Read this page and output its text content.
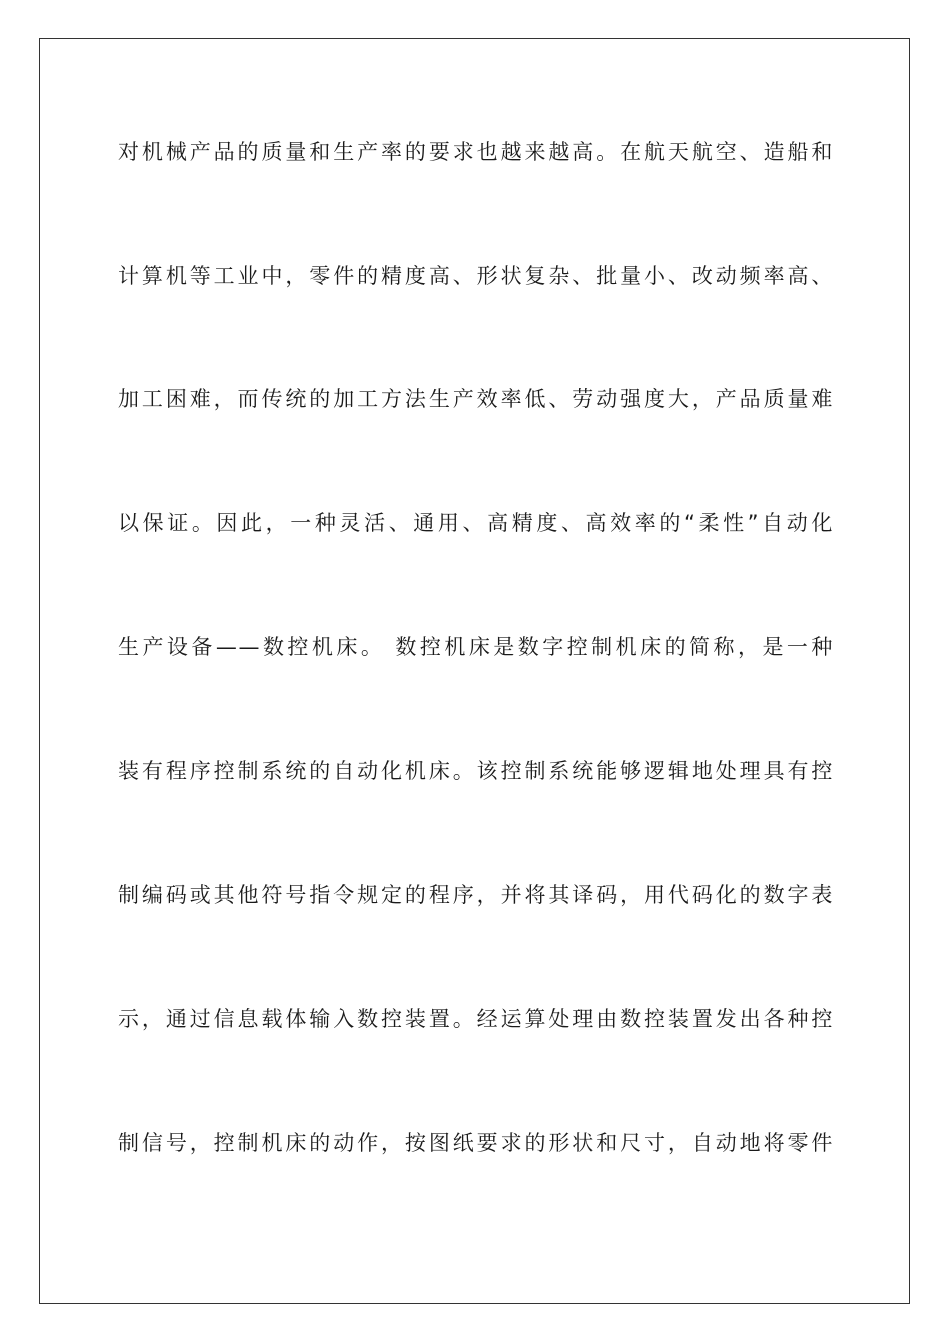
对机械产品的质量和生产率的要求也越来越高。在航天航空、造船和
计算机等工业中，零件的精度高、形状复杂、批量小、改动频率高、
加工困难，而传统的加工方法生产效率低、劳动强度大，产品质量难
以保证。因此，一种灵活、通用、高精度、高效率的“柔性”自动化
生产设备——数控机床。 数控机床是数字控制机床的简称，是一种
装有程序控制系统的自动化机床。该控制系统能够逻辑地处理具有控
制编码或其他符号指令规定的程序，并将其译码，用代码化的数字表
示，通过信息载体输入数控装置。经运算处理由数控装置发出各种控
制信号，控制机床的动作，按图纸要求的形状和尺寸，自动地将零件
